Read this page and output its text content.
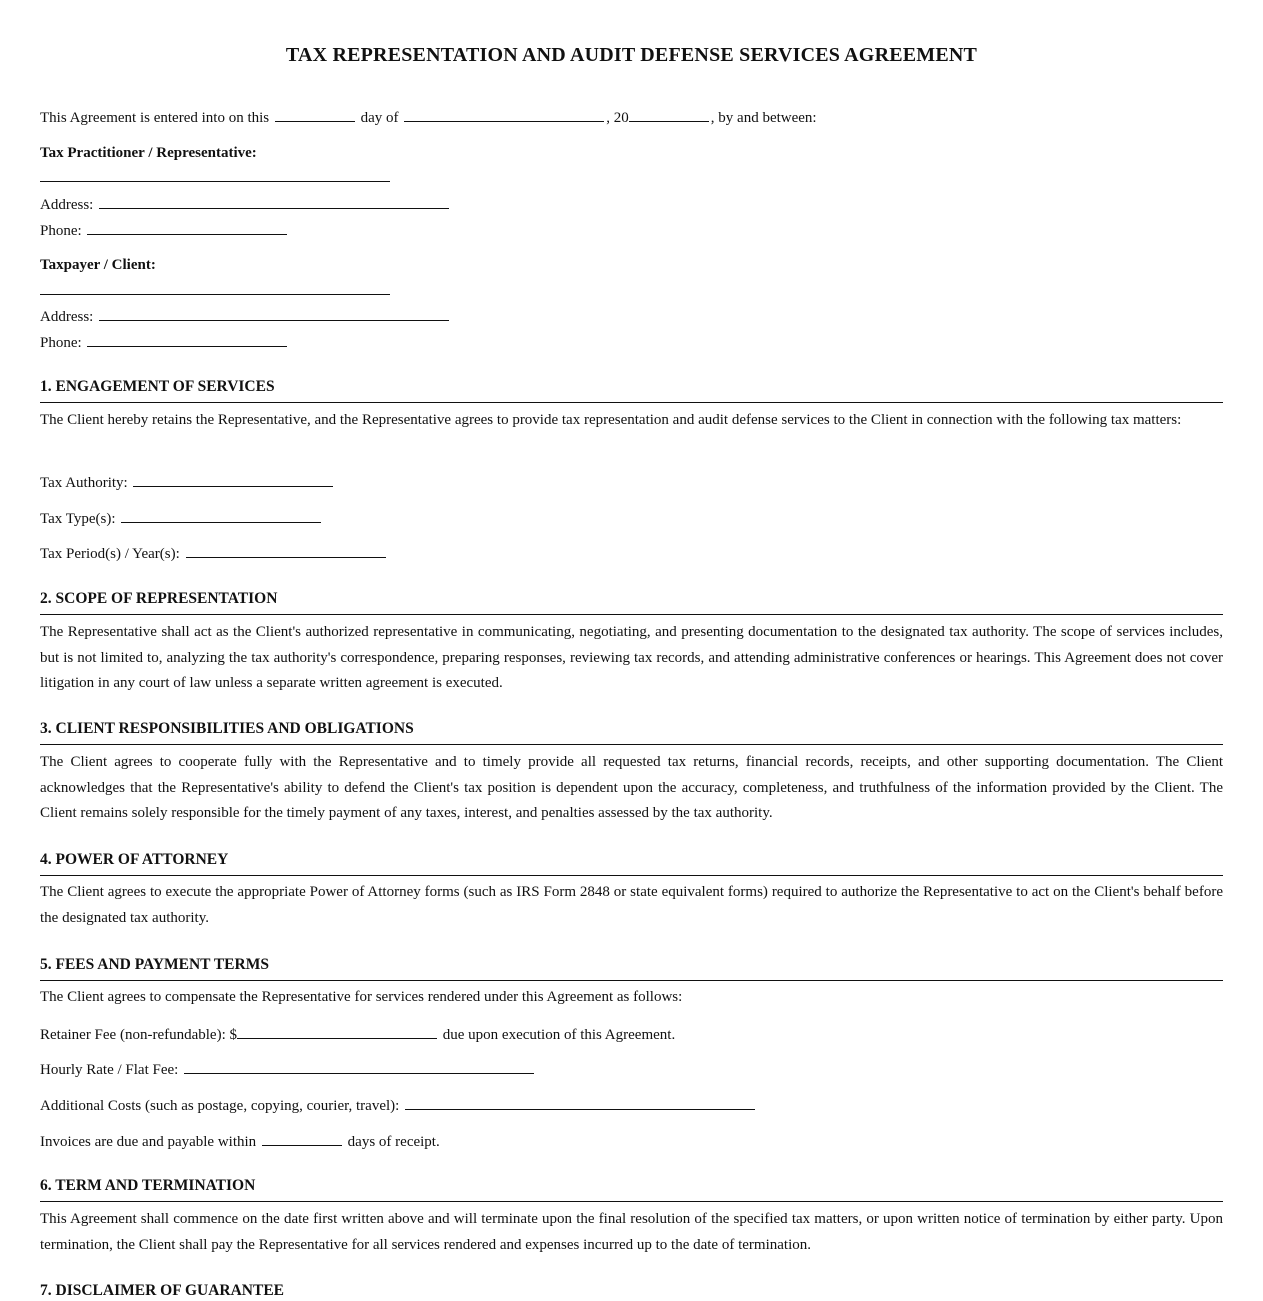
TAX REPRESENTATION AND AUDIT DEFENSE SERVICES AGREEMENT
This Agreement is entered into on this	day of	, 20	, by and between:
Tax Practitioner / Representative:
Address:
Phone:
Taxpayer / Client:
Address:
Phone:
1. ENGAGEMENT OF SERVICES
The Client hereby retains the Representative, and the Representative agrees to provide tax representation and audit defense services to the Client in connection with the following tax matters:
Tax Authority:
Tax Type(s):
Tax Period(s) / Year(s):
2. SCOPE OF REPRESENTATION
The Representative shall act as the Client's authorized representative in communicating, negotiating, and presenting documentation to the designated tax authority. The scope of services includes, but is not limited to, analyzing the tax authority's correspondence, preparing responses, reviewing tax records, and attending administrative conferences or hearings. This Agreement does not cover litigation in any court of law unless a separate written agreement is executed.
3. CLIENT RESPONSIBILITIES AND OBLIGATIONS
The Client agrees to cooperate fully with the Representative and to timely provide all requested tax returns, financial records, receipts, and other supporting documentation. The Client acknowledges that the Representative's ability to defend the Client's tax position is dependent upon the accuracy, completeness, and truthfulness of the information provided by the Client. The Client remains solely responsible for the timely payment of any taxes, interest, and penalties assessed by the tax authority.
4. POWER OF ATTORNEY
The Client agrees to execute the appropriate Power of Attorney forms (such as IRS Form 2848 or state equivalent forms) required to authorize the Representative to act on the Client's behalf before the designated tax authority.
5. FEES AND PAYMENT TERMS
The Client agrees to compensate the Representative for services rendered under this Agreement as follows:
Retainer Fee (non-refundable): $	due upon execution of this Agreement.
Hourly Rate / Flat Fee:
Additional Costs (such as postage, copying, courier, travel):
Invoices are due and payable within	days of receipt.
6. TERM AND TERMINATION
This Agreement shall commence on the date first written above and will terminate upon the final resolution of the specified tax matters, or upon written notice of termination by either party. Upon termination, the Client shall pay the Representative for all services rendered and expenses incurred up to the date of termination.
7. DISCLAIMER OF GUARANTEE
